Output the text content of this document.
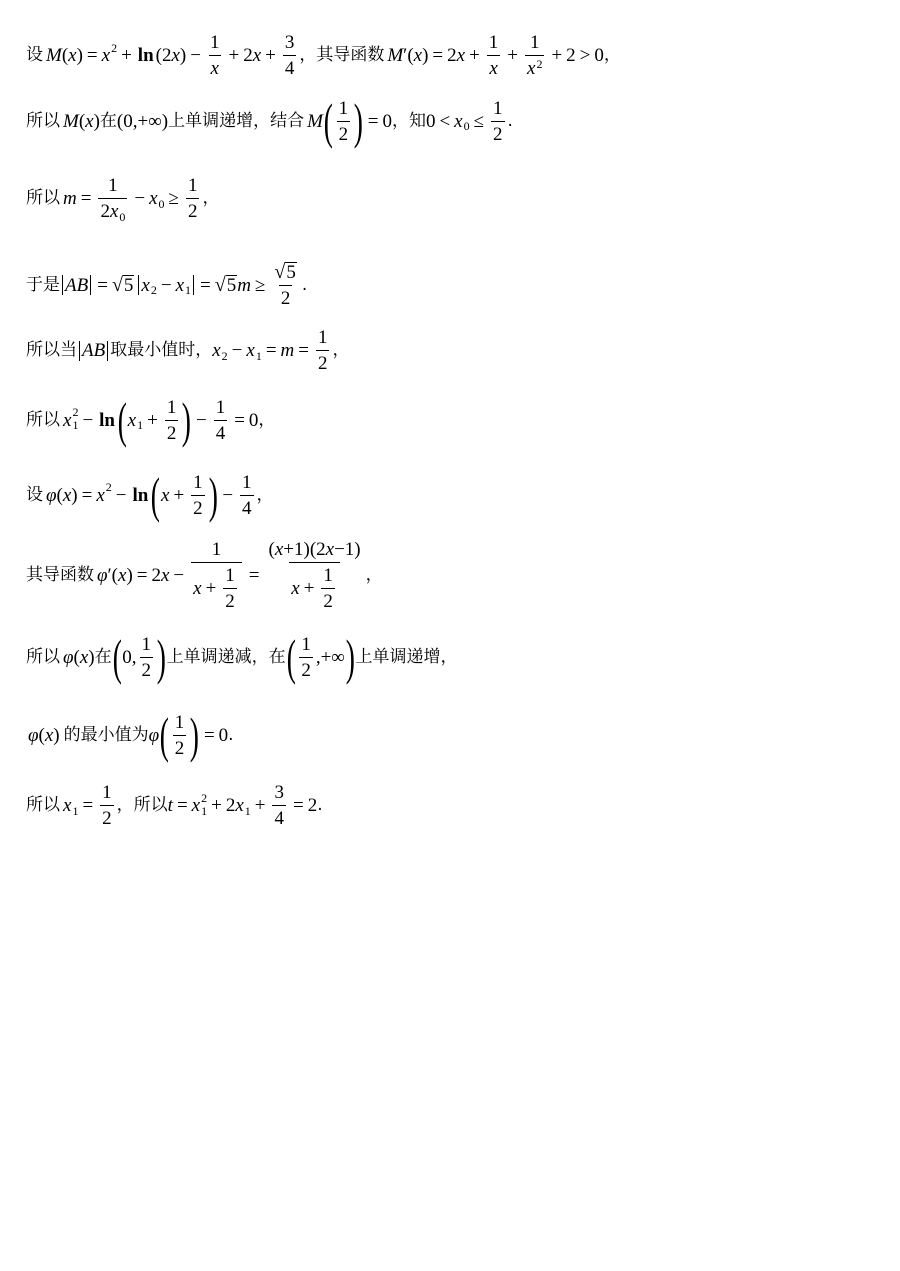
设 M ( x ) = x 2 + ln (2 x ) − $\frac{1}{x} + 2$ $x + \frac{3}{4}$ ，其导函数 M ′( x ) = 2 $x + \frac{1}{x} + \frac{1}{x^2} + 2 > 0$ ，
所以 M ( x ) 在 (0,+∞) 上单调递增，结合 M ( $\frac{1}{2}$ ) = 0 ，知 0 < x $0 \le \frac{1}{2}$ .
所以 $m = \frac{1}{2x_0} - x$ $0 \ge \frac{1}{2}$ ，
于是 AB = √ 5 x 2 − x 1 = √ 5 $m \ge \frac{√ 5}{2}$ .
所以当 AB 取最小值时， x 2 − x $1 = m = \frac{1}{2}$ ，
所以 x 1
2 − ln ( x $1 + \frac{1}{2}$ ) − $\frac{1}{4} = 0$ ，
设 φ ( x ) = x 2 − ln ( $x + \frac{1}{2}$ ) − $\frac{1}{4}$ ，
其导函数 φ ′( x ) = 2 $x - \frac{1}{x + \frac{1}{2}} = \frac{(x+1)(2x-1)}{x + \frac{1}{2}}$ ，
所以 φ ( x ) 在 ( 0, $\frac{1}{2}$ ) 上单调递减，在 ( $\frac{1}{2}$ ,+∞ ) 上单调递增，
φ ( x ) 的最小值为 φ ( $\frac{1}{2}$ ) = 0 .
所以 x $1 = \frac{1}{2}$ ，所以 t = x 1
2 + 2 x $1 + \frac{3}{4} = 2$ .
